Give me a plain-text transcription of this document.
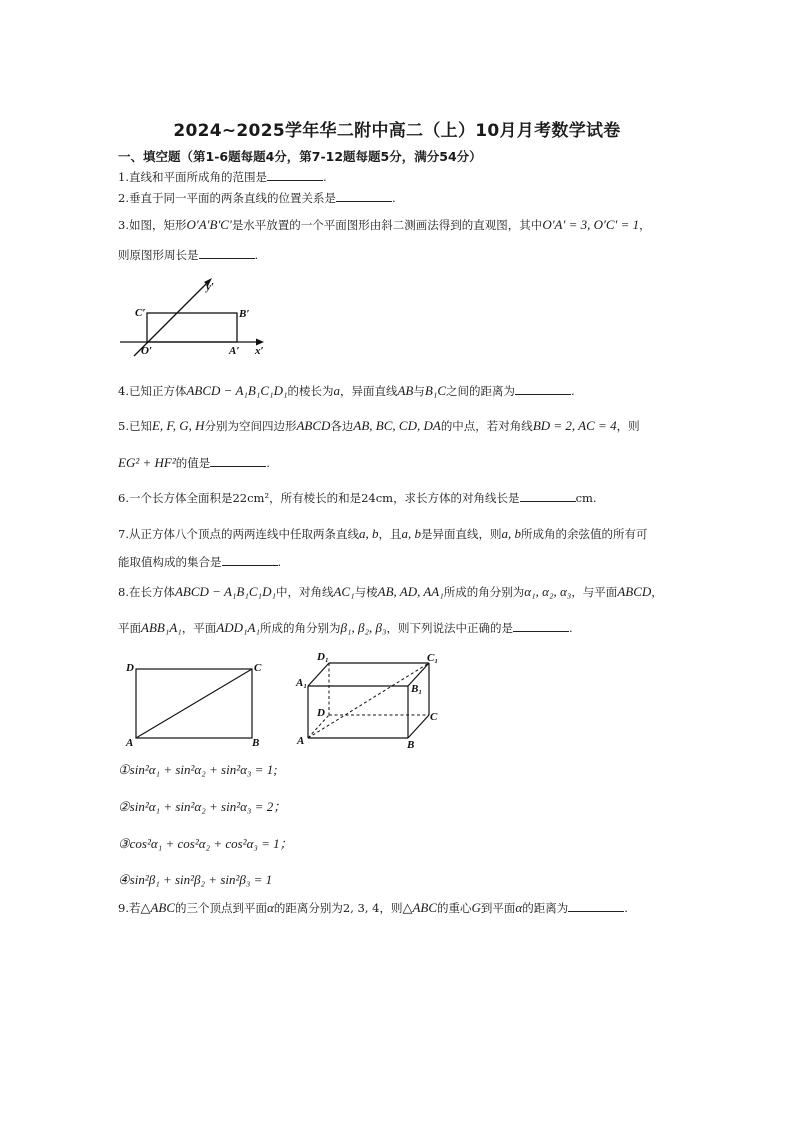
2024~2025学年华二附中高二（上）10月月考数学试卷
一、填空题（第1-6题每题4分，第7-12题每题5分，满分54分）
1.直线和平面所成角的范围是	.
2.垂直于同一平面的两条直线的位置关系是	.
3.如图，矩形O′A′B′C′是水平放置的一个平面图形由斜二测画法得到的直观图，其中O′A′ = 3, O′C′ = 1，
则原图形周长是	.
C′	B′
O′	A′ x′
y′
4.已知正方体ABCD − A₁B₁C₁D₁的棱长为a，异面直线AB与B₁C之间的距离为	.
5.已知E, F, G, H分别为空间四边形ABCD各边AB, BC, CD, DA的中点，若对角线BD = 2, AC = 4，则
EG² + HF²的值是	.
6.一个长方体全面积是22cm²，所有棱长的和是24cm，求长方体的对角线长是	cm.
7.从正方体八个顶点的两两连线中任取两条直线a, b，且a, b是异面直线，则a, b所成角的余弦值的所有可
能取值构成的集合是	.
8.在长方体ABCD − A₁B₁C₁D₁中，对角线AC₁与棱AB, AD, AA₁所成的角分别为α₁, α₂, α₃，与平面ABCD，
平面ABB₁A₁，平面ADD₁A₁所成的角分别为β₁, β₂, β₃，则下列说法中正确的是	.
D	C
A	B
D₁	C₁
A₁	B₁
D	C
A	B
①sin²α₁ + sin²α₂ + sin²α₃ = 1;
②sin²α₁ + sin²α₂ + sin²α₃ = 2；
③cos²α₁ + cos²α₂ + cos²α₃ = 1；
④sin²β₁ + sin²β₂ + sin²β₃ = 1
9.若△ABC的三个顶点到平面α的距离分别为2, 3, 4，则△ABC的重心G到平面α的距离为	.
